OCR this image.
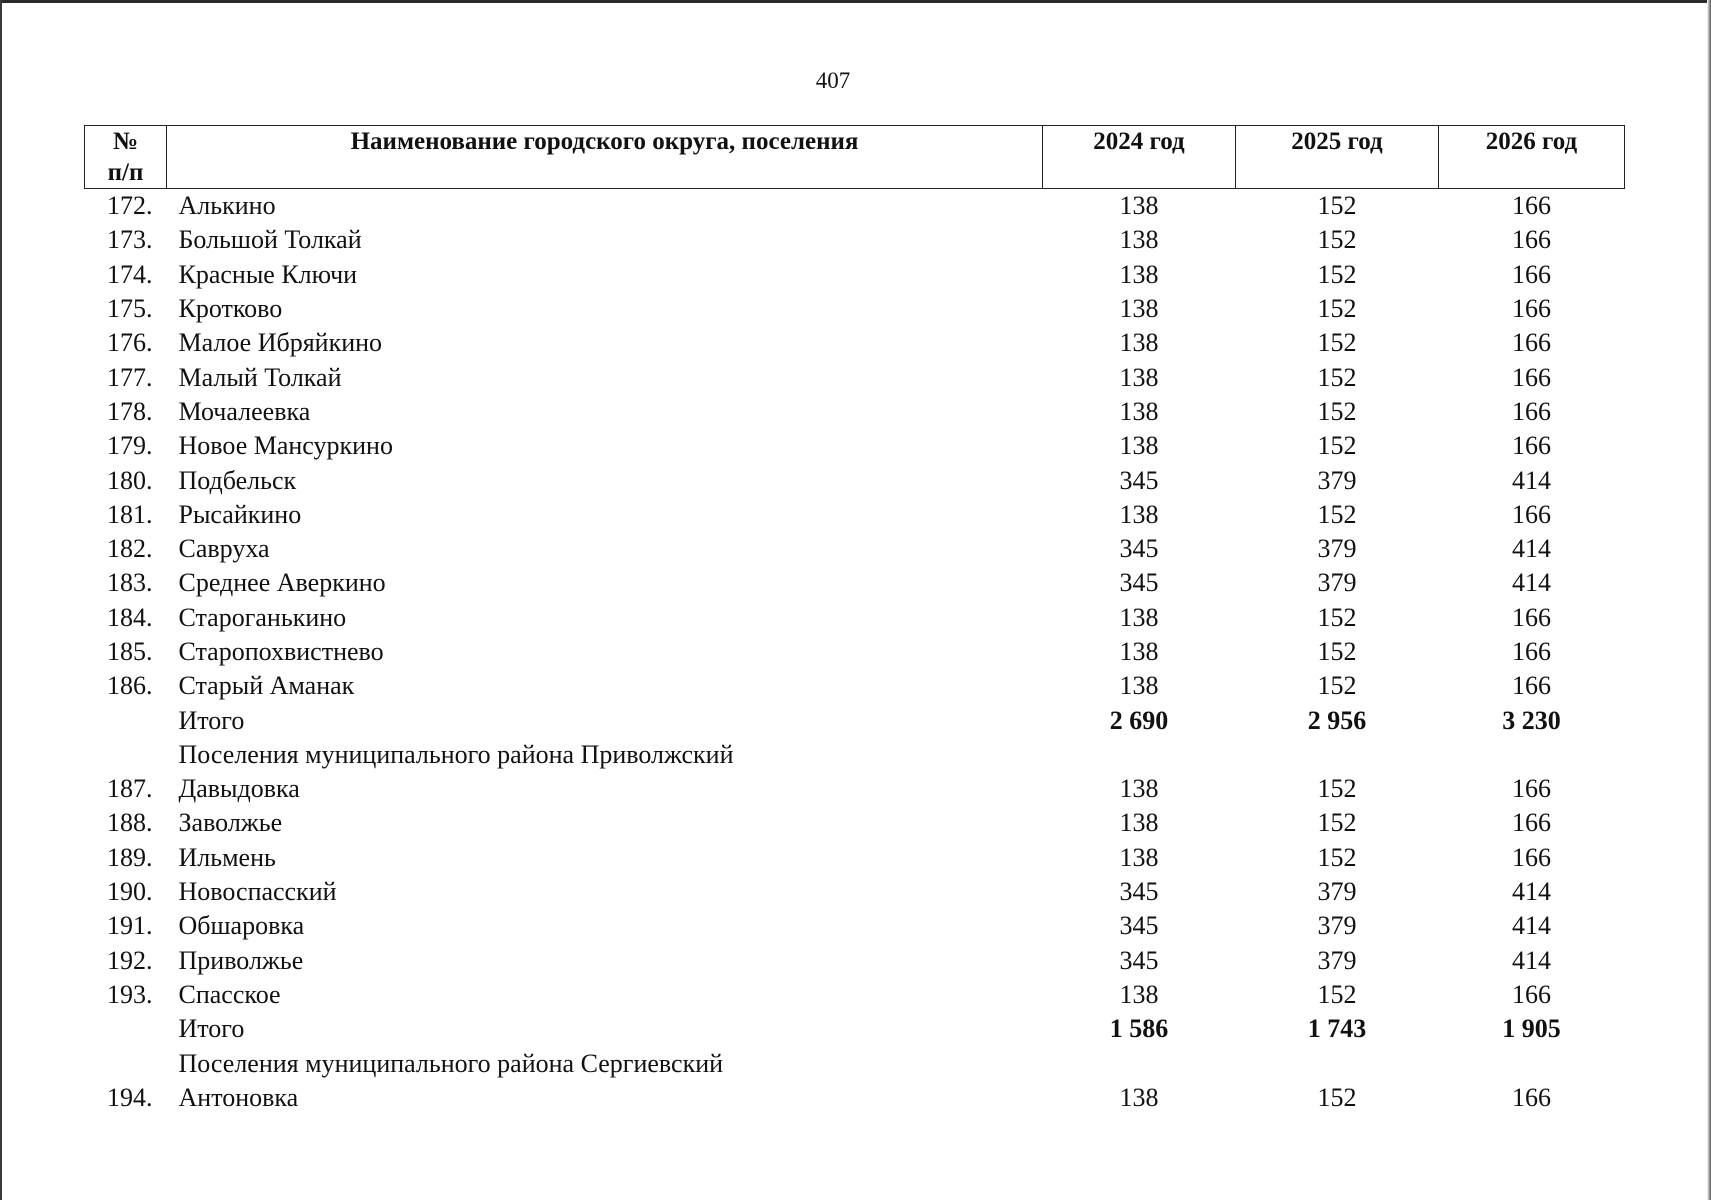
407
№
п/п	Наименование городского округа, поселения	2024 год	2025 год	2026 год
172.	Алькино	138	152	166
173.	Большой Толкай	138	152	166
174.	Красные Ключи	138	152	166
175.	Кротково	138	152	166
176.	Малое Ибряйкино	138	152	166
177.	Малый Толкай	138	152	166
178.	Мочалеевка	138	152	166
179.	Новое Мансуркино	138	152	166
180.	Подбельск	345	379	414
181.	Рысайкино	138	152	166
182.	Савруха	345	379	414
183.	Среднее Аверкино	345	379	414
184.	Староганькино	138	152	166
185.	Старопохвистнево	138	152	166
186.	Старый Аманак	138	152	166
	Итого	2 690	2 956	3 230
	Поселения муниципального района Приволжский			
187.	Давыдовка	138	152	166
188.	Заволжье	138	152	166
189.	Ильмень	138	152	166
190.	Новоспасский	345	379	414
191.	Обшаровка	345	379	414
192.	Приволжье	345	379	414
193.	Спасское	138	152	166
	Итого	1 586	1 743	1 905
	Поселения муниципального района Сергиевский			
194.	Антоновка	138	152	166
